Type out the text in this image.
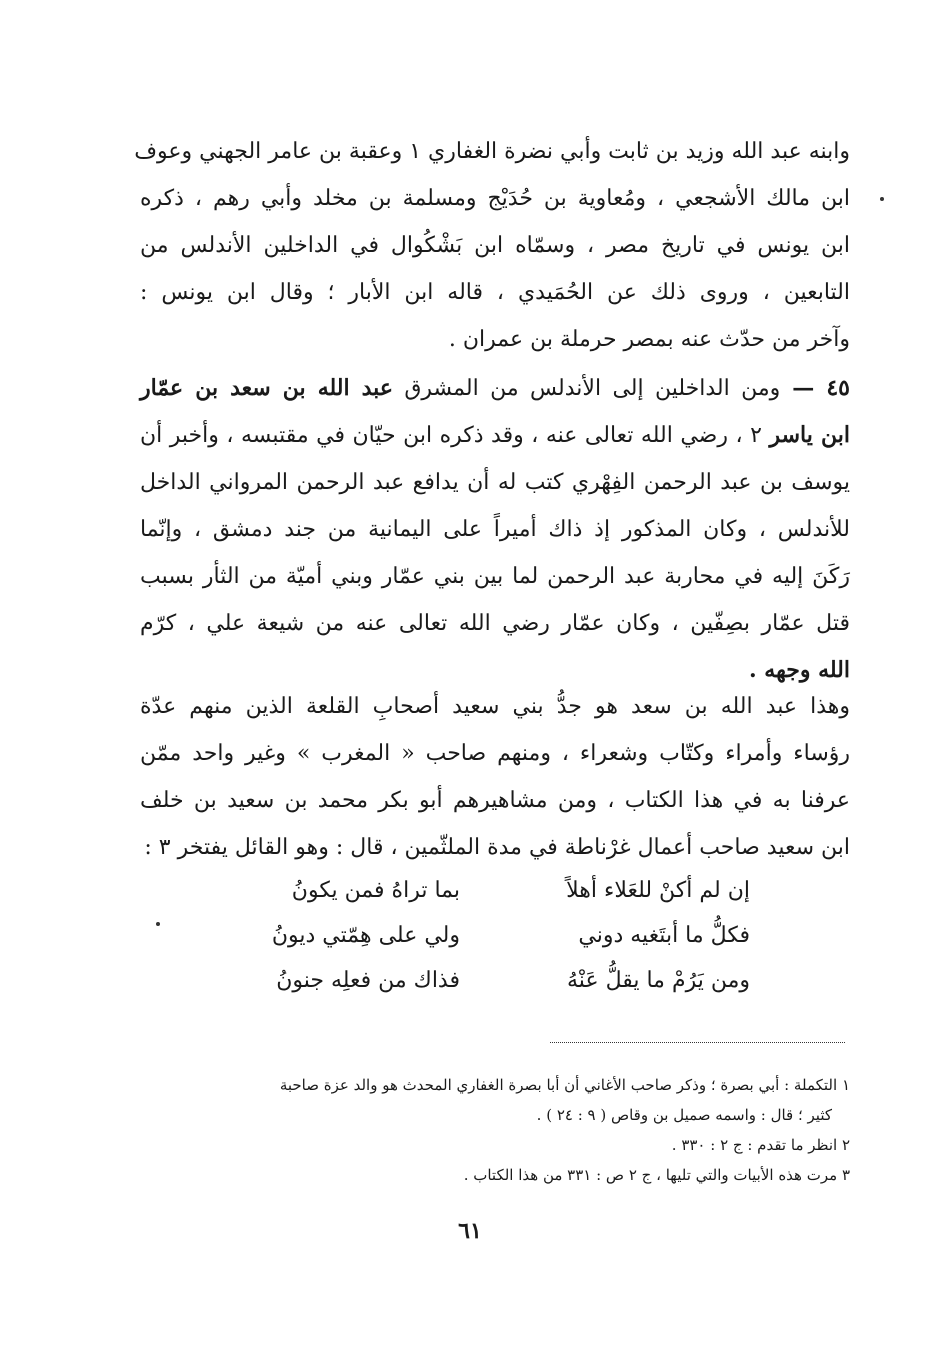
وابنه عبد الله وزيد بن ثابت وأبي نضرة الغفاري ١ وعقبة بن عامر الجهني وعوف
ابن مالك الأشجعي ، ومُعاوية بن حُدَيْج ومسلمة بن مخلد وأبي رهم ، ذكره
ابن يونس في تاريخ مصر ، وسمّاه ابن بَشْكُوال في الداخلين الأندلس من
التابعين ، وروى ذلك عن الحُمَيدي ، قاله ابن الأبار ؛ وقال ابن يونس :
وآخر من حدّث عنه بمصر حرملة بن عمران .
٤٥ — ومن الداخلين إلى الأندلس من المشرق عبد الله بن سعد بن عمّار
ابن ياسر ٢ ، رضي الله تعالى عنه ، وقد ذكره ابن حيّان في مقتبسه ، وأخبر أن
يوسف بن عبد الرحمن الفِهْري كتب له أن يدافع عبد الرحمن المرواني الداخل
للأندلس ، وكان المذكور إذ ذاك أميراً على اليمانية من جند دمشق ، وإنّما
رَكَنَ إليه في محاربة عبد الرحمن لما بين بني عمّار وبني أميّة من الثأر بسبب
قتل عمّار بصِفّين ، وكان عمّار رضي الله تعالى عنه من شيعة علي ، كرّم
الله وجهه .
وهذا عبد الله بن سعد هو جدُّ بني سعيد أصحابِ القلعة الذين منهم عدّة
رؤساء وأمراء وكتّاب وشعراء ، ومنهم صاحب « المغرب » وغير واحد ممّن
عرفنا به في هذا الكتاب ، ومن مشاهيرهم أبو بكر محمد بن سعيد بن خلف
ابن سعيد صاحب أعمال غرْناطة في مدة الملثّمين ، قال : وهو القائل يفتخر ٣ :
إن لم أكنْ للعَلاء أهلاً
بما تراهُ فمن يكونُ
فكلُّ ما أبتَغيه دوني
ولي على هِمّتي ديونُ
ومن يَرُمْ ما يقلُّ عَنْهُ
فذاك من فعلِه جنونُ
١ التكملة : أبي بصرة ؛ وذكر صاحب الأغاني أن أبا بصرة الغفاري المحدث هو والد عزة صاحبة
كثير ؛ قال : واسمه صميل بن وقاص ( ٩ : ٢٤ ) .
٢ انظر ما تقدم : ج ٢ : ٣٣٠ .
٣ مرت هذه الأبيات والتي تليها ، ج ٢ ص : ٣٣١ من هذا الكتاب .
٦١
